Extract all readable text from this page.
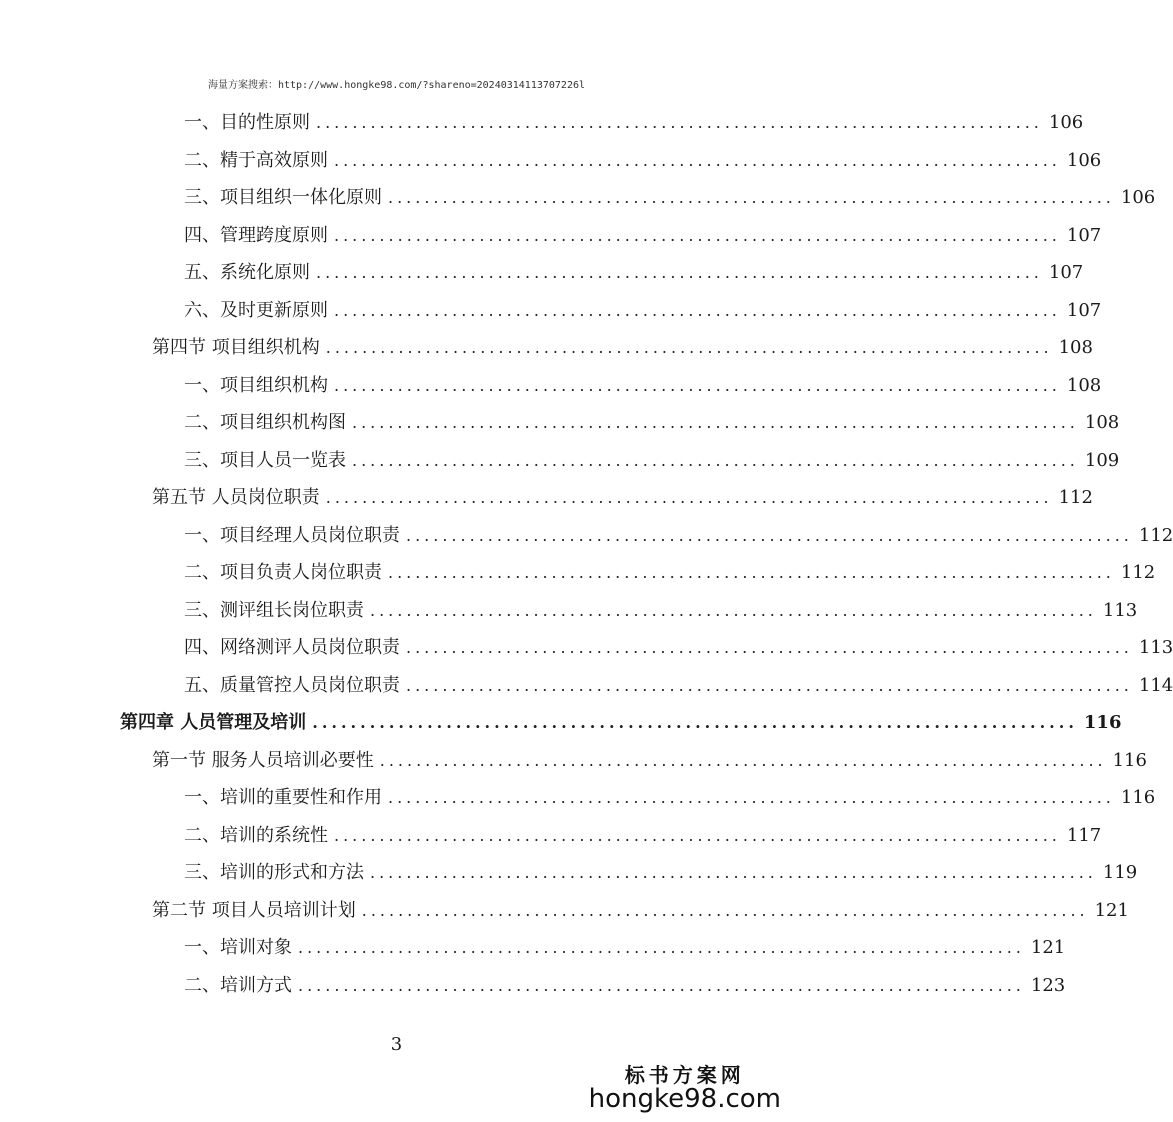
海量方案搜索：http://www.hongke98.com/?shareno=20240314113707226l
一、目的性原则 ................................................................................ 106
二、精于高效原则 ................................................................................ 106
三、项目组织一体化原则 ................................................................................ 106
四、管理跨度原则 ................................................................................ 107
五、系统化原则 ................................................................................ 107
六、及时更新原则 ................................................................................ 107
第四节 项目组织机构 ................................................................................ 108
一、项目组织机构 ................................................................................ 108
二、项目组织机构图 ................................................................................ 108
三、项目人员一览表 ................................................................................ 109
第五节 人员岗位职责 ................................................................................ 112
一、项目经理人员岗位职责 ................................................................................ 112
二、项目负责人岗位职责 ................................................................................ 112
三、测评组长岗位职责 ................................................................................ 113
四、网络测评人员岗位职责 ................................................................................ 113
五、质量管控人员岗位职责 ................................................................................ 114
第四章 人员管理及培训 ................................................................................ 116
第一节 服务人员培训必要性 ................................................................................ 116
一、培训的重要性和作用 ................................................................................ 116
二、培训的系统性 ................................................................................ 117
三、培训的形式和方法 ................................................................................ 119
第二节 项目人员培训计划 ................................................................................ 121
一、培训对象 ................................................................................ 121
二、培训方式 ................................................................................ 123
3
标书方案网
hongke98.com
